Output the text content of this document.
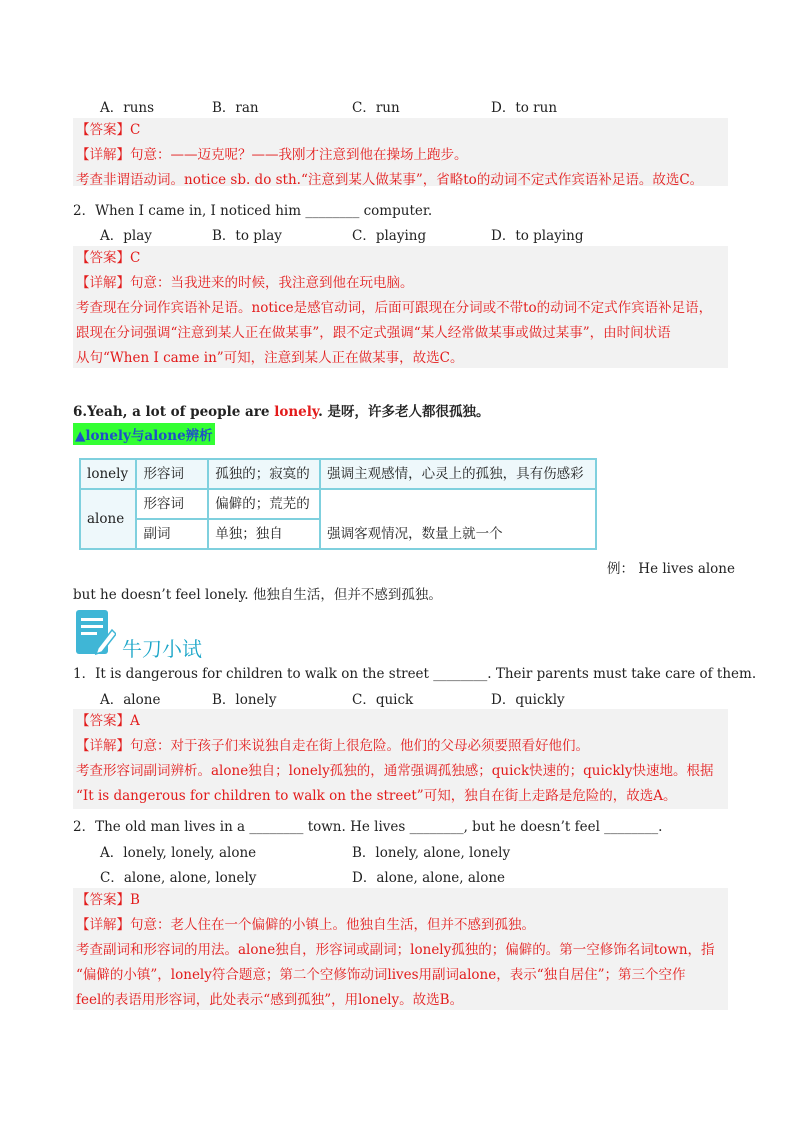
A．runs	B．ran	C．run	D．to run
【答案】C
【详解】句意：——迈克呢？——我刚才注意到他在操场上跑步。
考查非谓语动词。notice sb. do sth.“注意到某人做某事”，省略to的动词不定式作宾语补足语。故选C。
2．When I came in, I noticed him ________ computer.
A．play	B．to play	C．playing	D．to playing
【答案】C
【详解】句意：当我进来的时候，我注意到他在玩电脑。
考查现在分词作宾语补足语。notice是感官动词，后面可跟现在分词或不带to的动词不定式作宾语补足语，
跟现在分词强调“注意到某人正在做某事”，跟不定式强调“某人经常做某事或做过某事”，由时间状语
从句“When I came in”可知，注意到某人正在做某事，故选C。
6.Yeah, a lot of people are lonely. 是呀，许多老人都很孤独。
▲lonely与alone辨析
lonely	形容词	孤独的；寂寞的	强调主观感情，心灵上的孤独，具有伤感彩
alone	形容词	偏僻的；荒芜的	强调客观情况，数量上就一个
	副词	单独；独自	
例： He lives alone
but he doesn’t feel lonely. 他独自生活，但并不感到孤独。
牛刀小试
1．It is dangerous for children to walk on the street ________. Their parents must take care of them.
A．alone	B．lonely	C．quick	D．quickly
【答案】A
【详解】句意：对于孩子们来说独自走在街上很危险。他们的父母必须要照看好他们。
考查形容词副词辨析。alone独自；lonely孤独的，通常强调孤独感；quick快速的；quickly快速地。根据
“It is dangerous for children to walk on the street”可知，独自在街上走路是危险的，故选A。
2．The old man lives in a ________ town. He lives ________, but he doesn’t feel ________.
A．lonely, lonely, alone	B．lonely, alone, lonely
C．alone, alone, lonely	D．alone, alone, alone
【答案】B
【详解】句意：老人住在一个偏僻的小镇上。他独自生活，但并不感到孤独。
考查副词和形容词的用法。alone独自，形容词或副词；lonely孤独的；偏僻的。第一空修饰名词town，指
“偏僻的小镇”，lonely符合题意；第二个空修饰动词lives用副词alone，表示“独自居住”；第三个空作
feel的表语用形容词，此处表示“感到孤独”，用lonely。故选B。
